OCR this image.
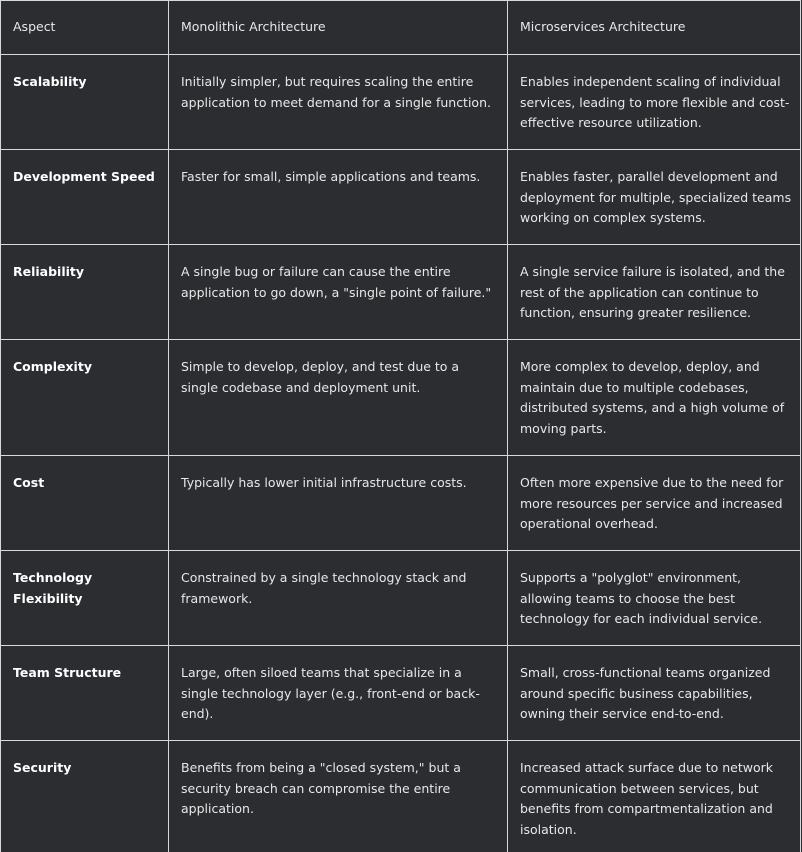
Aspect	Monolithic Architecture	Microservices Architecture
Scalability	Initially simpler, but requires scaling the entire application to meet demand for a single function.	Enables independent scaling of individual services, leading to more flexible and cost-effective resource utilization.
Development Speed	Faster for small, simple applications and teams.	Enables faster, parallel development and deployment for multiple, specialized teams working on complex systems.
Reliability	A single bug or failure can cause the entire application to go down, a "single point of failure."	A single service failure is isolated, and the rest of the application can continue to function, ensuring greater resilience.
Complexity	Simple to develop, deploy, and test due to a single codebase and deployment unit.	More complex to develop, deploy, and maintain due to multiple codebases, distributed systems, and a high volume of moving parts.
Cost	Typically has lower initial infrastructure costs.	Often more expensive due to the need for more resources per service and increased operational overhead.
Technology Flexibility	Constrained by a single technology stack and framework.	Supports a "polyglot" environment, allowing teams to choose the best technology for each individual service.
Team Structure	Large, often siloed teams that specialize in a single technology layer (e.g., front-end or back-end).	Small, cross-functional teams organized around specific business capabilities, owning their service end-to-end.
Security	Benefits from being a "closed system," but a security breach can compromise the entire application.	Increased attack surface due to network communication between services, but benefits from compartmentalization and isolation.
